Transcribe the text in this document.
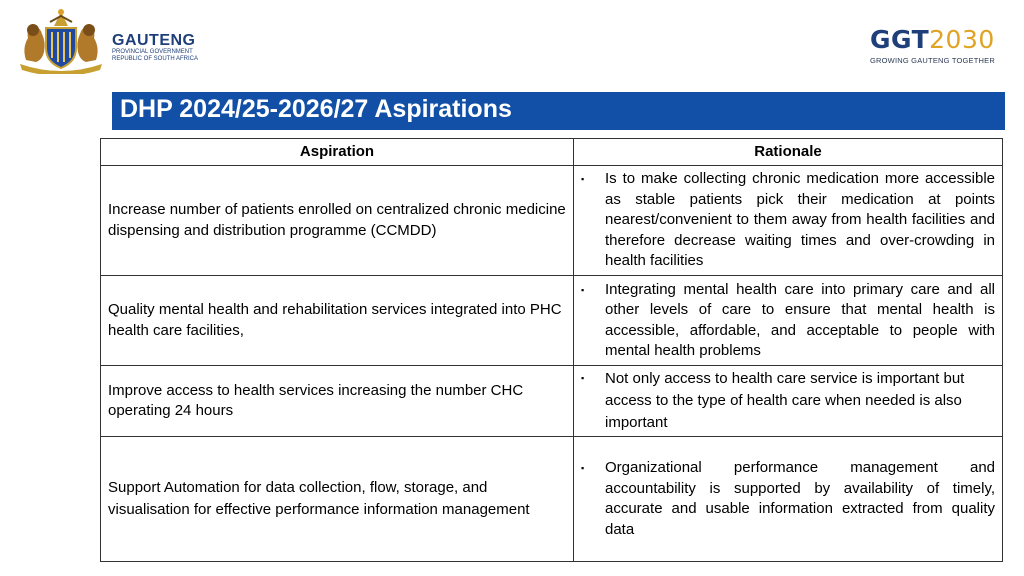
GAUTENG
PROVINCIAL GOVERNMENT
REPUBLIC OF SOUTH AFRICA
GGT2030
GROWING GAUTENG TOGETHER
DHP 2024/25-2026/27 Aspirations
Aspiration	Rationale
Increase number of patients enrolled on centralized chronic medicine dispensing and distribution programme (CCMDD)	▪ Is to make collecting chronic medication more accessible as stable patients pick their medication at points nearest/convenient to them away from health facilities and therefore decrease waiting times and over-crowding in health facilities

Quality mental health and rehabilitation services integrated into PHC health care facilities,	▪ Integrating mental health care into primary care and all other levels of care to ensure that mental health is accessible, affordable, and acceptable to people with mental health problems

Improve access to health services increasing the number CHC operating 24 hours	▪ Not only access to health care service is important but access to the type of health care when needed is also important

Support Automation for data collection, flow, storage, and visualisation for effective performance information management	▪ Organizational performance management and accountability is supported by availability of timely, accurate and usable information extracted from quality data
